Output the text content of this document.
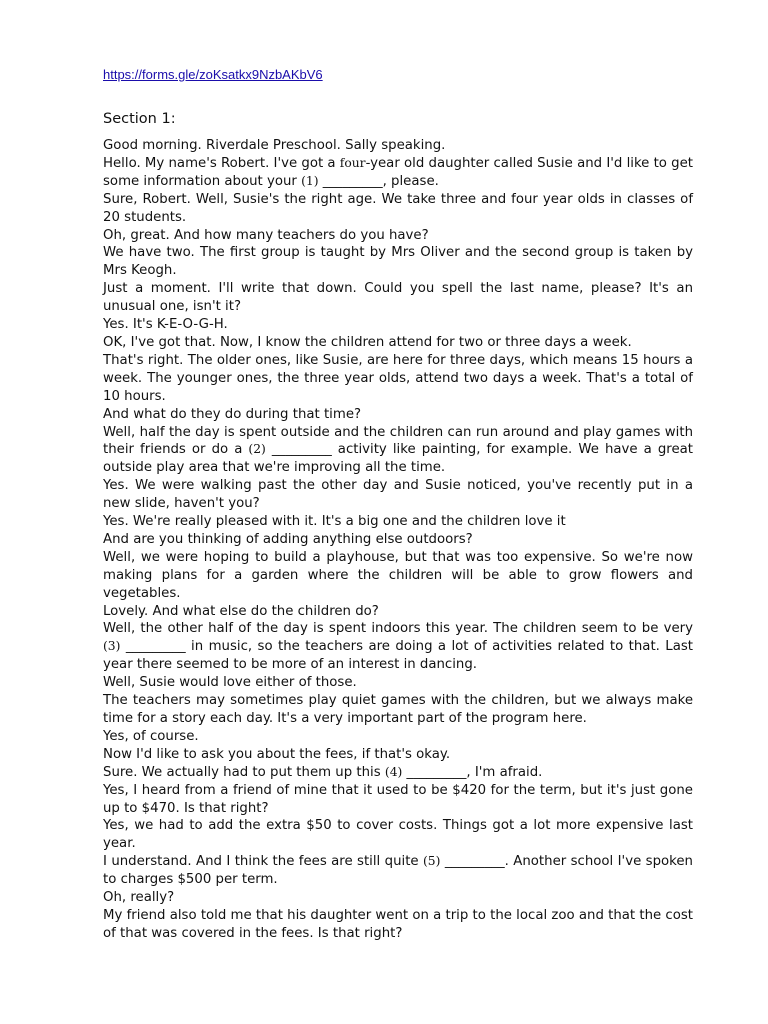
https://forms.gle/zoKsatkx9NzbAKbV6
Section 1:

Good morning. Riverdale Preschool. Sally speaking.

Hello. My name's Robert. I've got a four-year old daughter called Susie and I'd like to get some information about your (1) _________, please.

Sure, Robert. Well, Susie's the right age. We take three and four year olds in classes of 20 students.

Oh, great. And how many teachers do you have?

We have two. The first group is taught by Mrs Oliver and the second group is taken by Mrs Keogh.

Just a moment. I'll write that down. Could you spell the last name, please? It's an unusual one, isn't it?

Yes. It's K-E-O-G-H.

OK, I've got that. Now, I know the children attend for two or three days a week.

That's right. The older ones, like Susie, are here for three days, which means 15 hours a week. The younger ones, the three year olds, attend two days a week. That's a total of 10 hours.

And what do they do during that time?

Well, half the day is spent outside and the children can run around and play games with their friends or do a (2) _________ activity like painting, for example. We have a great outside play area that we're improving all the time.

Yes. We were walking past the other day and Susie noticed, you've recently put in a new slide, haven't you?

Yes. We're really pleased with it. It's a big one and the children love it

And are you thinking of adding anything else outdoors?

Well, we were hoping to build a playhouse, but that was too expensive. So we're now making plans for a garden where the children will be able to grow flowers and vegetables.

Lovely. And what else do the children do?

Well, the other half of the day is spent indoors this year. The children seem to be very (3) _________ in music, so the teachers are doing a lot of activities related to that. Last year there seemed to be more of an interest in dancing.

Well, Susie would love either of those.

The teachers may sometimes play quiet games with the children, but we always make time for a story each day. It's a very important part of the program here.

Yes, of course.

Now I'd like to ask you about the fees, if that's okay.

Sure. We actually had to put them up this (4) _________, I'm afraid.

Yes, I heard from a friend of mine that it used to be $420 for the term, but it's just gone up to $470. Is that right?

Yes, we had to add the extra $50 to cover costs. Things got a lot more expensive last year.

I understand. And I think the fees are still quite (5) _________. Another school I've spoken to charges $500 per term.

Oh, really?

My friend also told me that his daughter went on a trip to the local zoo and that the cost of that was covered in the fees. Is that right?
